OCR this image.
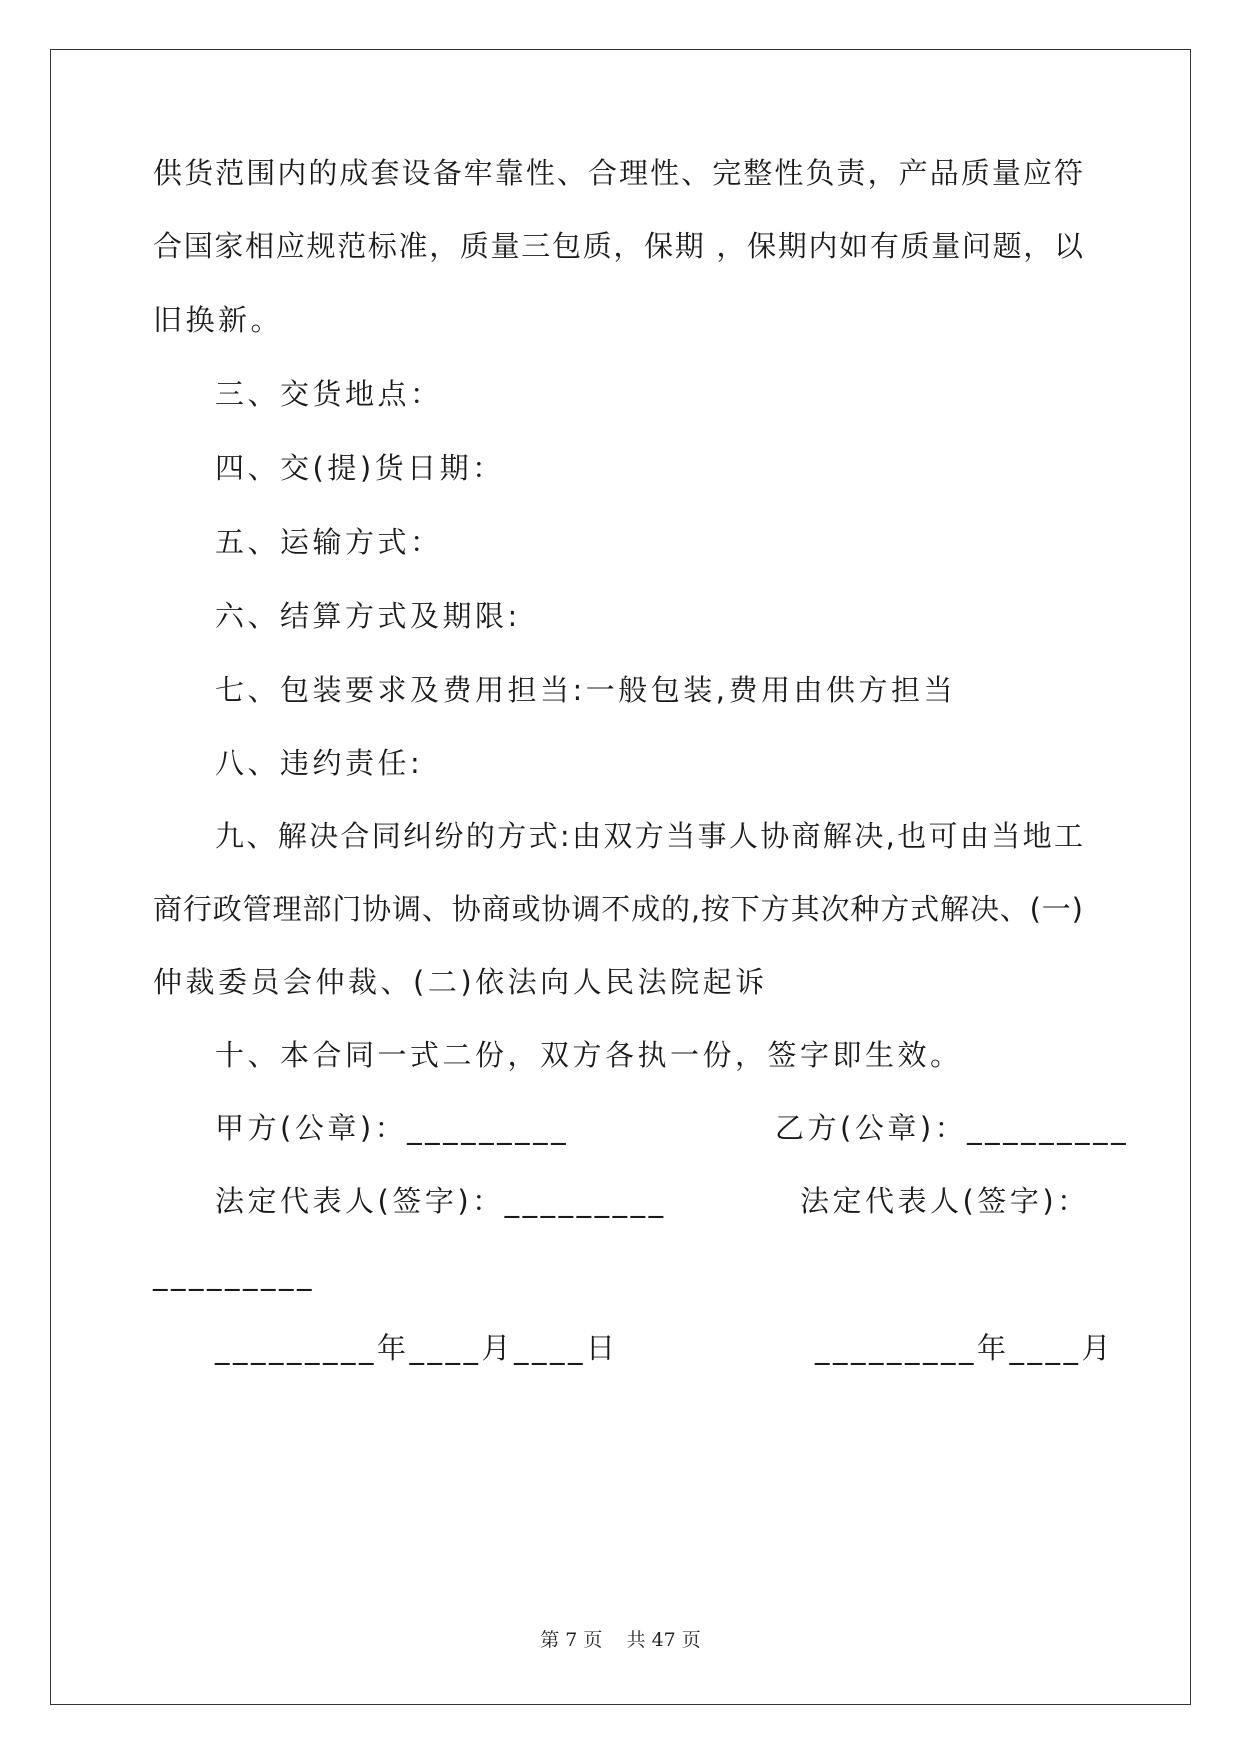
供货范围内的成套设备牢靠性、合理性、完整性负责，产品质量应符
合国家相应规范标准，质量三包质，保期 ，保期内如有质量问题，以
旧换新。
三、交货地点：
四、交(提)货日期：
五、运输方式：
六、结算方式及期限:
七、包装要求及费用担当:一般包装,费用由供方担当
八、违约责任:
九、解决合同纠纷的方式:由双方当事人协商解决,也可由当地工
商行政管理部门协调、协商或协调不成的,按下方其次种方式解决、(一)
仲裁委员会仲裁、(二)依法向人民法院起诉
十、本合同一式二份，双方各执一份，签字即生效。
甲方(公章)：_________	乙方(公章)：_________
法定代表人(签字)：_________	法定代表人(签字)：
_________
_________年____月____日	_________年____月
第 7 页 共 47 页
